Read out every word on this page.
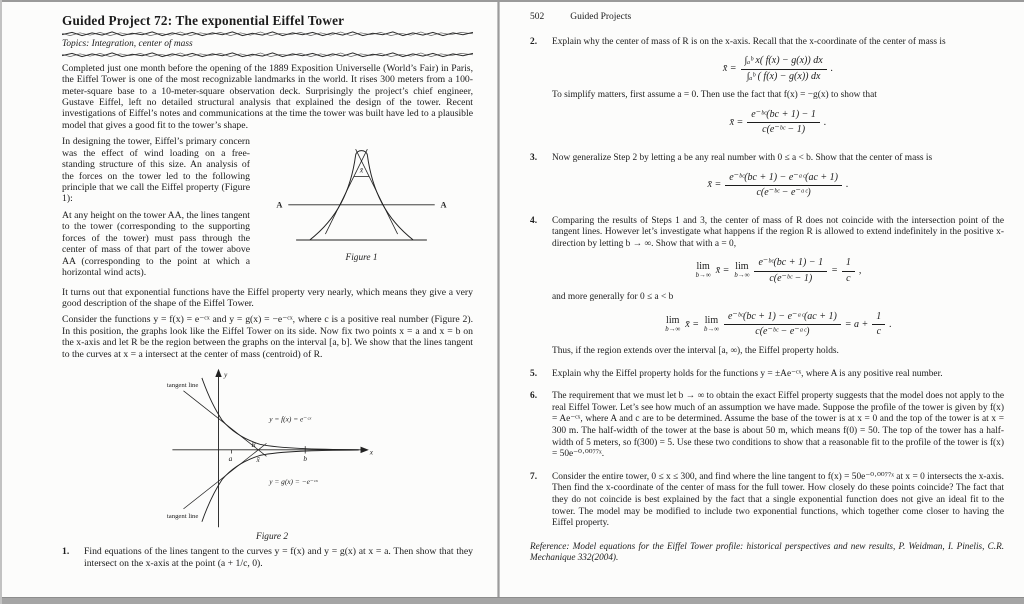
Guided Project 72: The exponential Eiffel Tower

Topics: Integration, center of mass

Completed just one month before the opening of the 1889 Exposition Universelle (World’s Fair) in Paris, the Eiffel Tower is one of the most recognizable landmarks in the world. It rises 300 meters from a 100-meter-square base to a 10-meter-square observation deck. Surprisingly the project’s chief engineer, Gustave Eiffel, left no detailed structural analysis that explained the design of the tower. Recent investigations of Eiffel’s notes and communications at the time the tower was built have led to a plausible model that gives a good fit to the tower’s shape.

In designing the tower, Eiffel’s primary concern was the effect of wind loading on a free-standing structure of this size. An analysis of the forces on the tower led to the following principle that we call the Eiffel property (Figure 1):

At any height on the tower AA, the lines tangent to the tower (corresponding to the supporting forces of the tower) must pass through the center of mass of that part of the tower above AA (corresponding to the point at which a horizontal wind acts).

x̄
A	A
Figure 1

It turns out that exponential functions have the Eiffel property very nearly, which means they give a very good description of the shape of the Eiffel Tower.

Consider the functions y = f(x) = e⁻ᶜˣ and y = g(x) = −e⁻ᶜˣ, where c is a positive real number (Figure 2). In this position, the graphs look like the Eiffel Tower on its side. Now fix two points x = a and x = b on the x-axis and let R be the region between the graphs on the interval [a, b]. We show that the lines tangent to the curves at x = a intersect at the center of mass (centroid) of R.

y
x
tangent line
tangent line
y = f(x) = e⁻ᶜˣ
y = g(x) = −e⁻ᶜˣ
R
a	x̄	b
Figure 2
1.	Find equations of the lines tangent to the curves y = f(x) and y = g(x) at x = a. Then show that they intersect on the x-axis at the point (a + 1/c, 0).

502	Guided Projects
2.	Explain why the center of mass of R is on the x-axis. Recall that the x-coordinate of the center of mass is

x̄ = $\frac{\text{∫ₐᵇ x( f(x) − g(x)) dx}}{\text{∫ₐᵇ ( f(x) − g(x)) dx}}$ .

To simplify matters, first assume a = 0. Then use the fact that f(x) = −g(x) to show that

x̄ = $\frac{\text{e⁻ᵇᶜ(bc + 1) − 1}}{\text{c(e⁻ᵇᶜ − 1)}}$ .
3.	Now generalize Step 2 by letting a be any real number with 0 ≤ a < b. Show that the center of mass is

x̄ = $\frac{\text{e⁻ᵇᶜ(bc + 1) − e⁻ᵃᶜ(ac + 1)}}{\text{c(e⁻ᵇᶜ − e⁻ᵃᶜ)}}$ .
4.	Comparing the results of Steps 1 and 3, the center of mass of R does not coincide with the intersection point of the tangent lines. However let’s investigate what happens if the region R is allowed to extend indefinitely in the positive x-direction by letting b → ∞. Show that with a = 0,

lim
b→∞ x̄ = lim
$b\to\infty \frac{\text{e⁻ᵇᶜ(bc + 1) − 1}}{\text{c(e⁻ᵇᶜ − 1)}} = \frac{1}{c}$ ,

and more generally for 0 ≤ a < b

lim
b→∞ x̄ = lim
$b\to\infty \frac{\text{e⁻ᵇᶜ(bc + 1) − e⁻ᵃᶜ(ac + 1)}}{\text{c(e⁻ᵇᶜ − e⁻ᵃᶜ)}} = a + \frac{1}{c}$ .

Thus, if the region extends over the interval [a, ∞), the Eiffel property holds.

5.	Explain why the Eiffel property holds for the functions y = ±Ae⁻ᶜˣ, where A is any positive real number.

6.	The requirement that we must let b → ∞ to obtain the exact Eiffel property suggests that the model does not apply to the real Eiffel Tower. Let’s see how much of an assumption we have made. Suppose the profile of the tower is given by f(x) = Ae⁻ᶜˣ, where A and c are to be determined. Assume the base of the tower is at x = 0 and the top of the tower is at x = 300 m. The half-width of the tower at the base is about 50 m, which means f(0) = 50. The top of the tower has a half-width of 5 meters, so f(300) = 5. Use these two conditions to show that a reasonable fit to the profile of the tower is f(x) = 50e⁻⁰·⁰⁰⁷⁷ˣ.

7.	Consider the entire tower, 0 ≤ x ≤ 300, and find where the line tangent to f(x) = 50e⁻⁰·⁰⁰⁷⁷ˣ at x = 0 intersects the x-axis. Then find the x-coordinate of the center of mass for the full tower. How closely do these points coincide? The fact that they do not coincide is best explained by the fact that a single exponential function does not give an ideal fit to the tower. The model may be modified to include two exponential functions, which together come closer to having the Eiffel property.

Reference: Model equations for the Eiffel Tower profile: historical perspectives and new results, P. Weidman, I. Pinelis, C.R. Mechanique 332(2004).
